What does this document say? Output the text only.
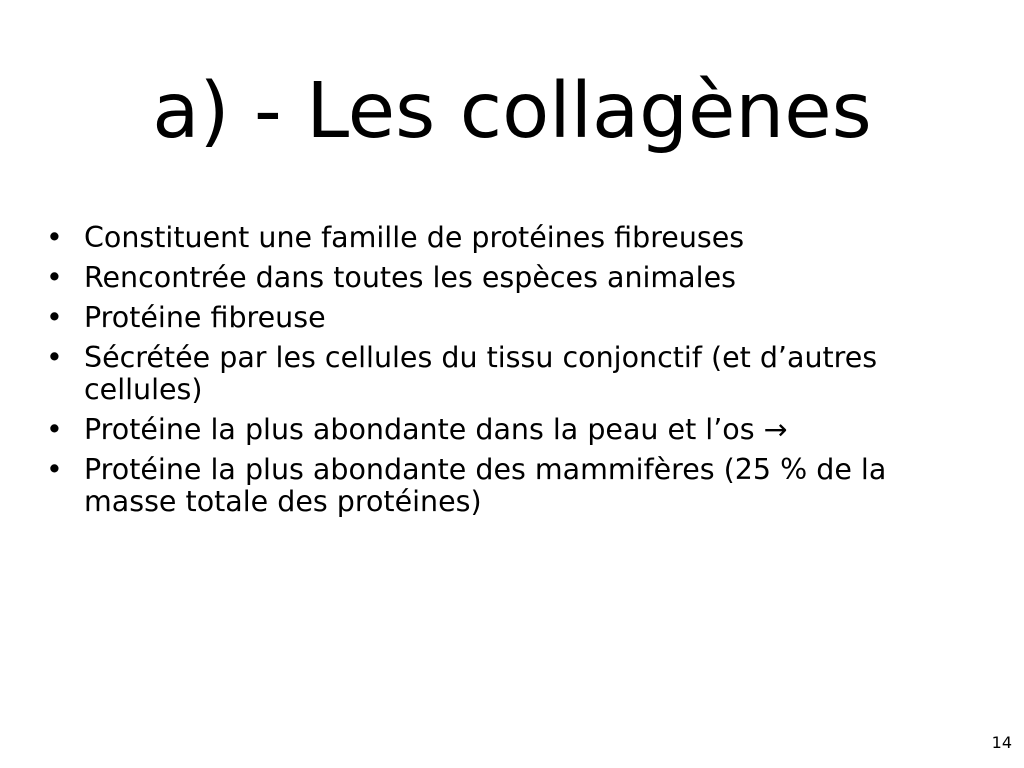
a) - Les collagènes
• Constituent une famille de protéines fibreuses
• Rencontrée dans toutes les espèces animales
• Protéine fibreuse
• Sécrétée par les cellules du tissu conjonctif (et d’autres cellules)
• Protéine la plus abondante dans la peau et l’os →
• Protéine la plus abondante des mammifères (25 % de la masse totale des protéines)
14
